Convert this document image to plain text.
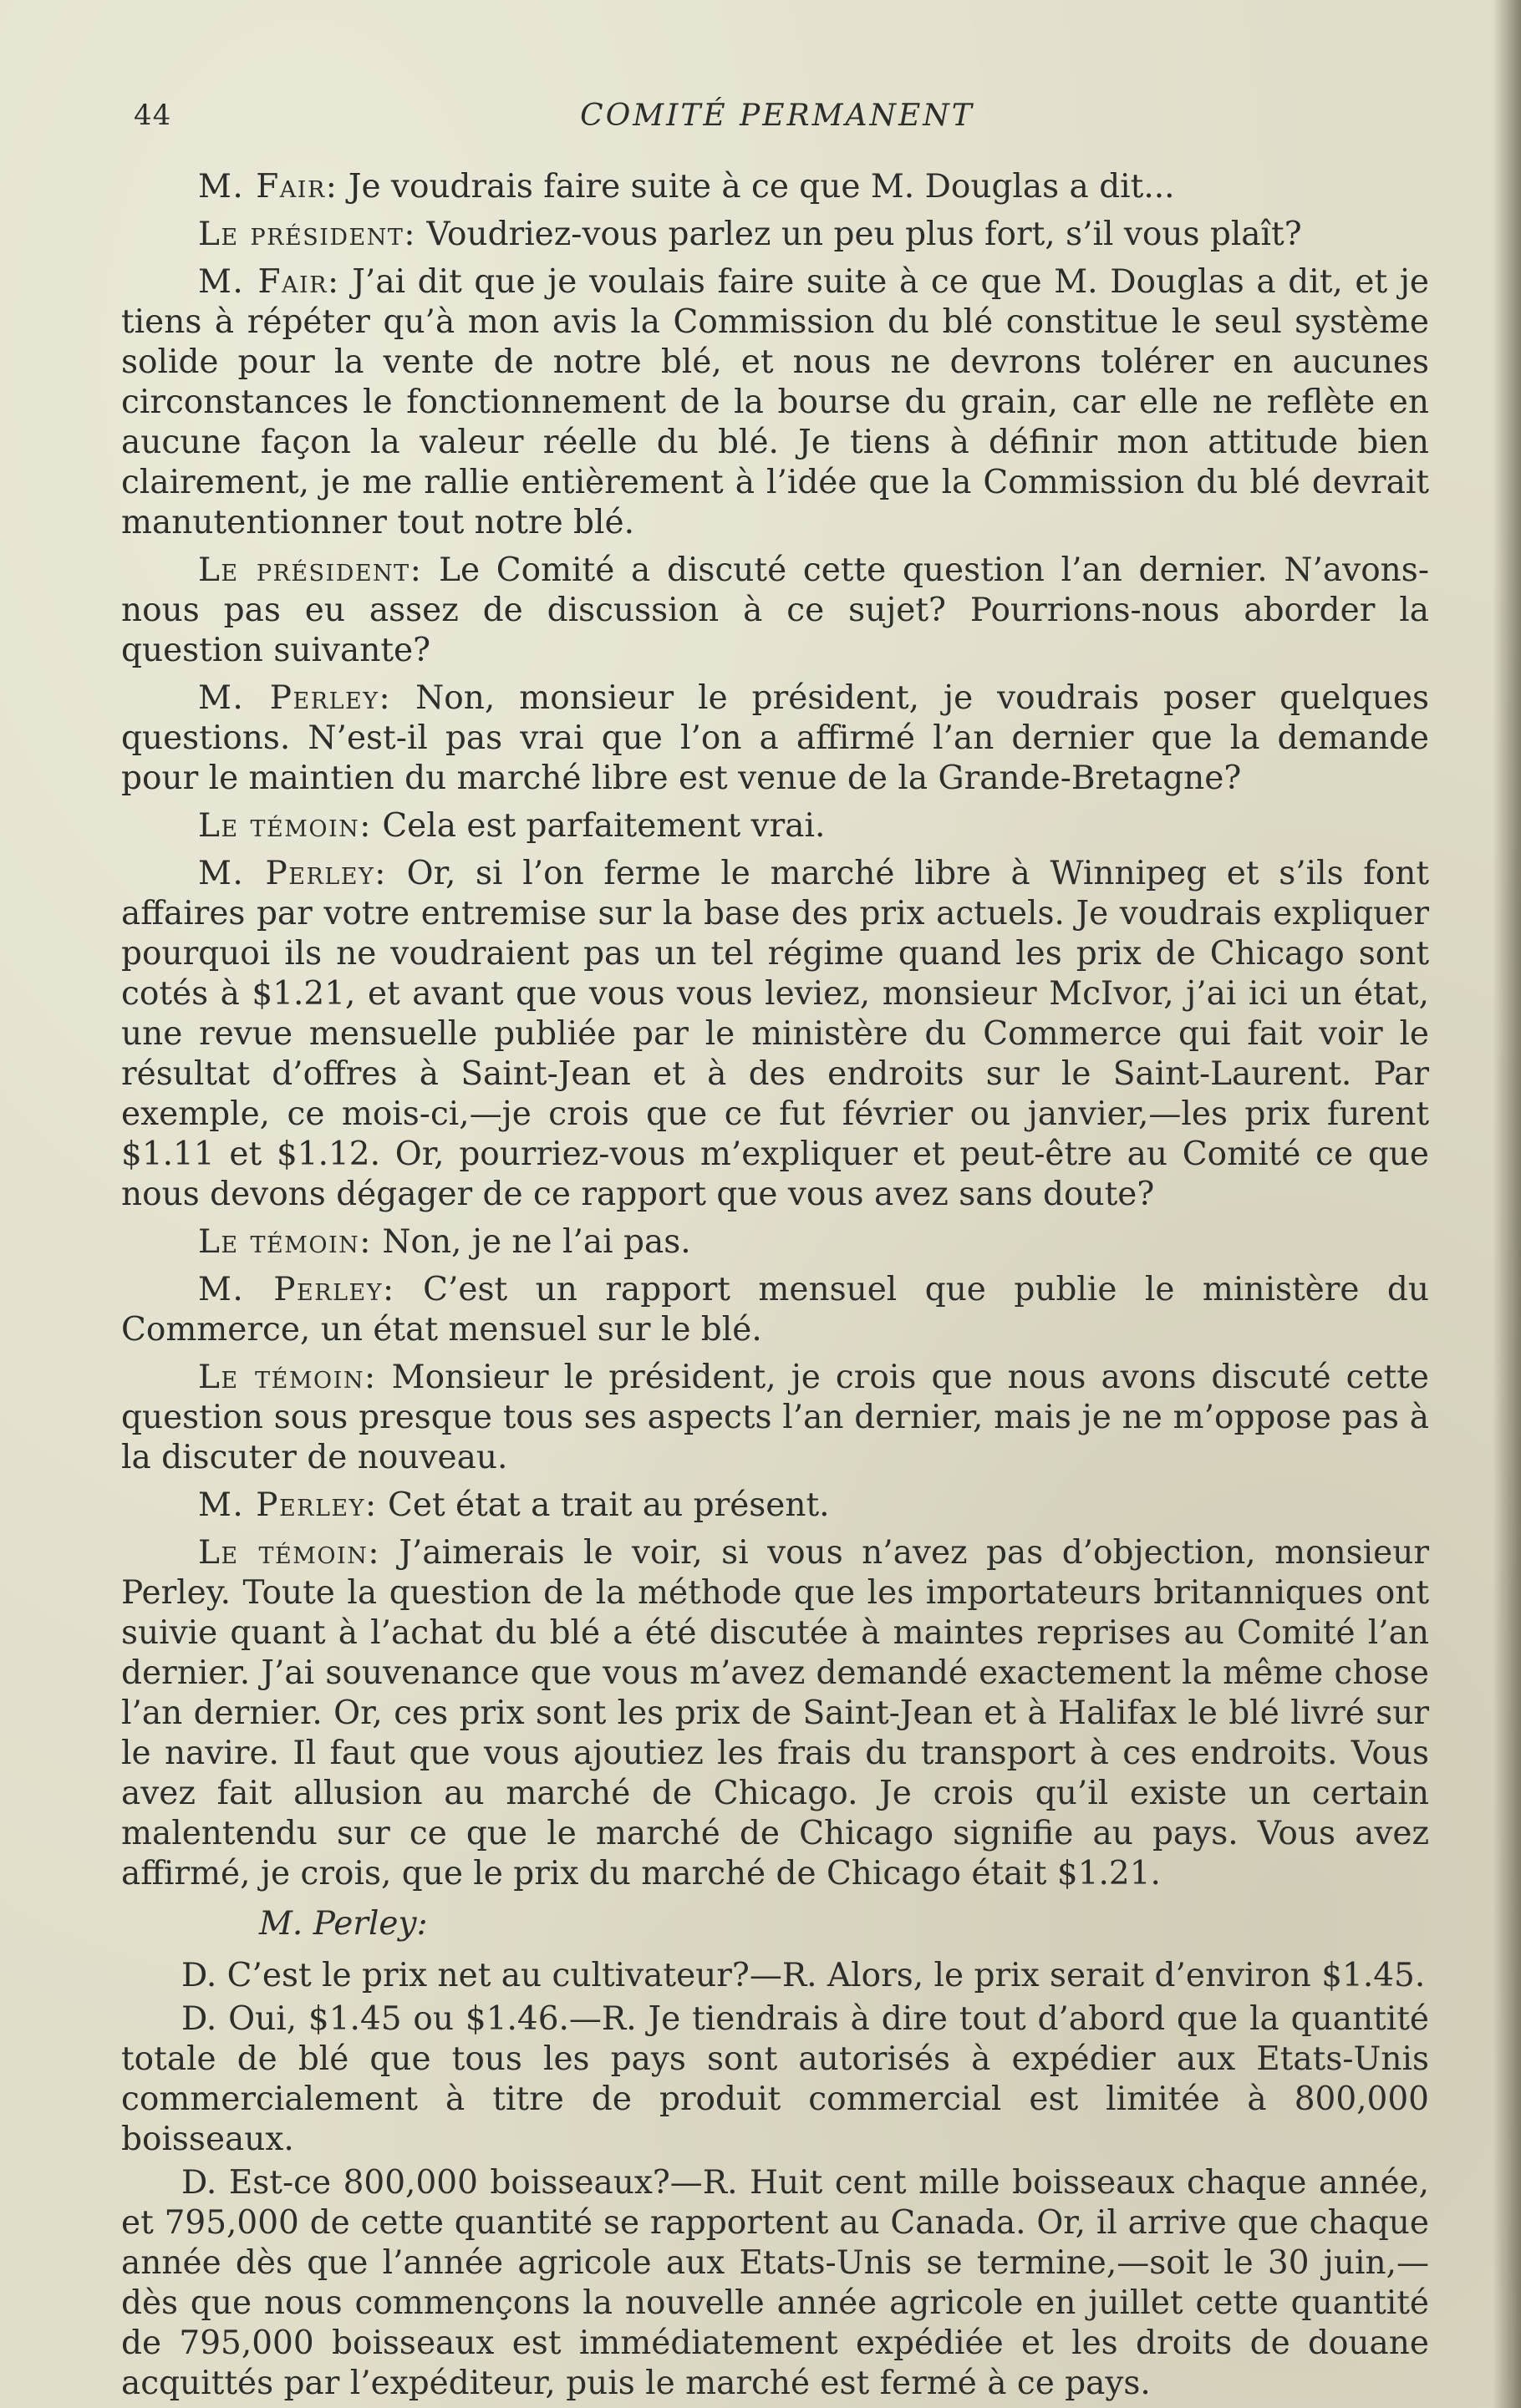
44	COMITÉ PERMANENT

M. Fair: Je voudrais faire suite à ce que M. Douglas a dit...

Le président: Voudriez-vous parlez un peu plus fort, s’il vous plaît?

M. Fair: J’ai dit que je voulais faire suite à ce que M. Douglas a dit, et je tiens à répéter qu’à mon avis la Commission du blé constitue le seul système solide pour la vente de notre blé, et nous ne devrons tolérer en aucunes circonstances le fonctionnement de la bourse du grain, car elle ne reflète en aucune façon la valeur réelle du blé. Je tiens à définir mon attitude bien clairement, je me rallie entièrement à l’idée que la Commission du blé devrait manutentionner tout notre blé.

Le président: Le Comité a discuté cette question l’an dernier. N’avons-nous pas eu assez de discussion à ce sujet? Pourrions-nous aborder la question suivante?

M. Perley: Non, monsieur le président, je voudrais poser quelques questions. N’est-il pas vrai que l’on a affirmé l’an dernier que la demande pour le maintien du marché libre est venue de la Grande-Bretagne?

Le témoin: Cela est parfaitement vrai.

M. Perley: Or, si l’on ferme le marché libre à Winnipeg et s’ils font affaires par votre entremise sur la base des prix actuels. Je voudrais expliquer pourquoi ils ne voudraient pas un tel régime quand les prix de Chicago sont cotés à $1.21, et avant que vous vous leviez, monsieur McIvor, j’ai ici un état, une revue mensuelle publiée par le ministère du Commerce qui fait voir le résultat d’offres à Saint-Jean et à des endroits sur le Saint-Laurent. Par exemple, ce mois-ci,—je crois que ce fut février ou janvier,—les prix furent $1.11 et $1.12. Or, pourriez-vous m’expliquer et peut-être au Comité ce que nous devons dégager de ce rapport que vous avez sans doute?

Le témoin: Non, je ne l’ai pas.

M. Perley: C’est un rapport mensuel que publie le ministère du Commerce, un état mensuel sur le blé.

Le témoin: Monsieur le président, je crois que nous avons discuté cette question sous presque tous ses aspects l’an dernier, mais je ne m’oppose pas à la discuter de nouveau.

M. Perley: Cet état a trait au présent.

Le témoin: J’aimerais le voir, si vous n’avez pas d’objection, monsieur Perley. Toute la question de la méthode que les importateurs britanniques ont suivie quant à l’achat du blé a été discutée à maintes reprises au Comité l’an dernier. J’ai souvenance que vous m’avez demandé exactement la même chose l’an dernier. Or, ces prix sont les prix de Saint-Jean et à Halifax le blé livré sur le navire. Il faut que vous ajoutiez les frais du transport à ces endroits. Vous avez fait allusion au marché de Chicago. Je crois qu’il existe un certain malentendu sur ce que le marché de Chicago signifie au pays. Vous avez affirmé, je crois, que le prix du marché de Chicago était $1.21.

M. Perley:

D. C’est le prix net au cultivateur?—R. Alors, le prix serait d’environ $1.45.

D. Oui, $1.45 ou $1.46.—R. Je tiendrais à dire tout d’abord que la quantité totale de blé que tous les pays sont autorisés à expédier aux Etats-Unis commercialement à titre de produit commercial est limitée à 800,000 boisseaux.

D. Est-ce 800,000 boisseaux?—R. Huit cent mille boisseaux chaque année, et 795,000 de cette quantité se rapportent au Canada. Or, il arrive que chaque année dès que l’année agricole aux Etats-Unis se termine,—soit le 30 juin,—dès que nous commençons la nouvelle année agricole en juillet cette quantité de 795,000 boisseaux est immédiatement expédiée et les droits de douane acquittés par l’expéditeur, puis le marché est fermé à ce pays.
